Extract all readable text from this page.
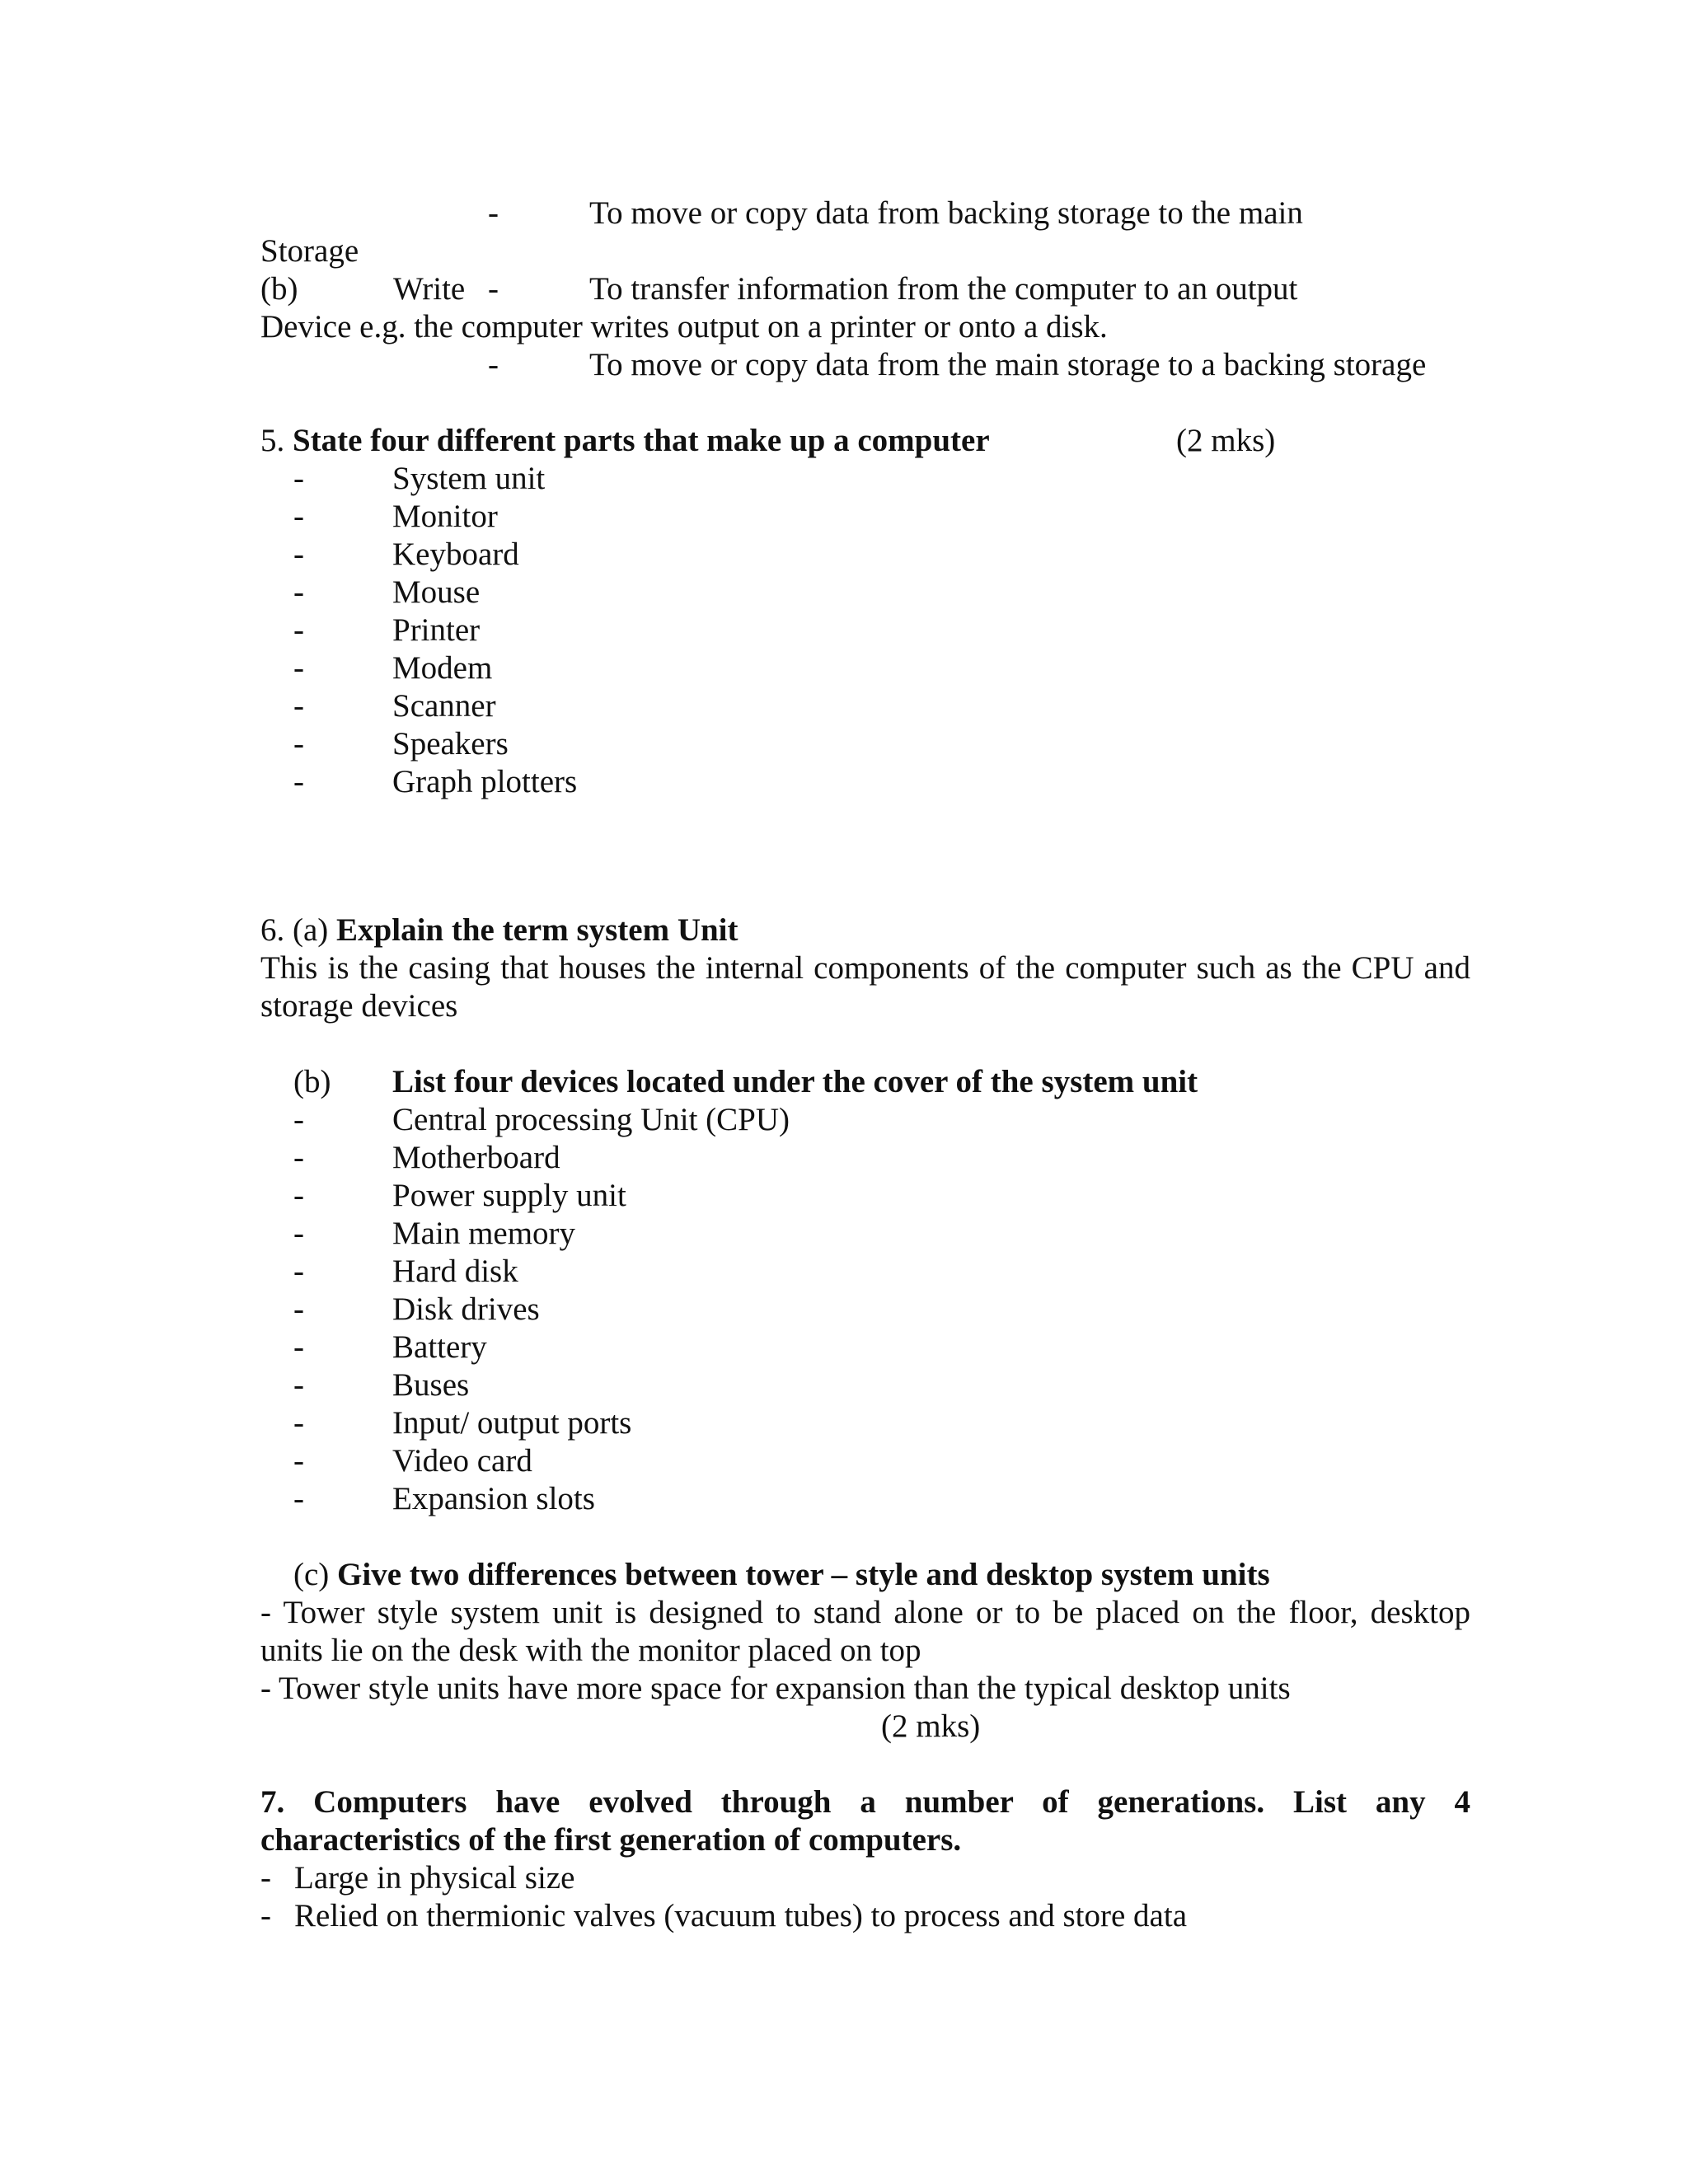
-	To move or copy data from backing storage to the main
Storage
(b)	Write -	To transfer information from the computer to an output
Device e.g. the computer writes output on a printer or onto a disk.
-	To move or copy data from the main storage to a backing storage
5. State four different parts that make up a computer	(2 mks)
-	System unit
-	Monitor
-	Keyboard
-	Mouse
-	Printer
-	Modem
-	Scanner
-	Speakers
-	Graph plotters
6. (a) Explain the term system Unit
This is the casing that houses the internal components of the computer such as the CPU and
storage devices
(b) List four devices located under the cover of the system unit
-	Central processing Unit (CPU)
-	Motherboard
-	Power supply unit
-	Main memory
-	Hard disk
-	Disk drives
-	Battery
-	Buses
-	Input/ output ports
-	Video card
-	Expansion slots
(c) Give two differences between tower – style and desktop system units
- Tower style system unit is designed to stand alone or to be placed on the floor, desktop
units lie on the desk with the monitor placed on top
- Tower style units have more space for expansion than the typical desktop units
(2 mks)
7. Computers have evolved through a number of generations. List any 4
characteristics of the first generation of computers.
- Large in physical size
- Relied on thermionic valves (vacuum tubes) to process and store data
